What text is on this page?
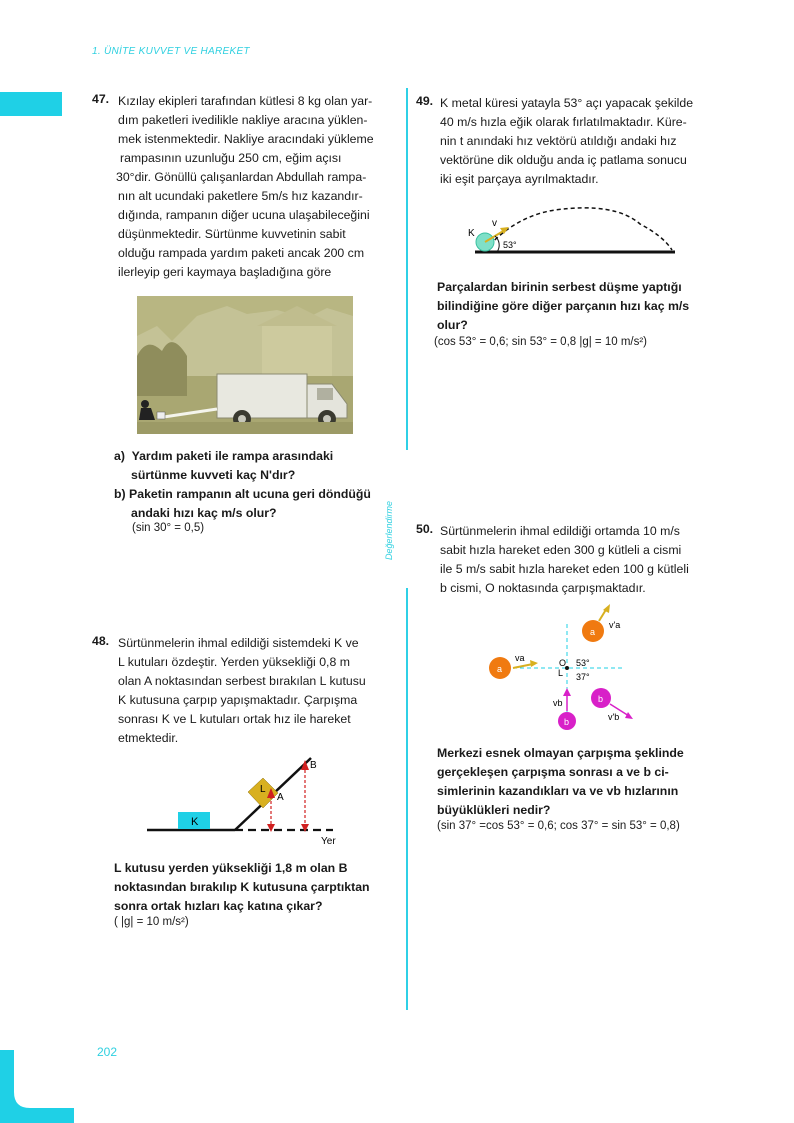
1. ÜNİTE KUVVET VE HAREKET
202
Değerlendirme
47. Kızılay ekipleri tarafından kütlesi 8 kg olan yar-
dım paketleri ivedilikle nakliye aracına yüklen-
mek istenmektedir. Nakliye aracındaki yükleme
rampasının uzunluğu 250 cm, eğim açısı
30°dir. Gönüllü çalışanlardan Abdullah rampa-
nın alt ucundaki paketlere 5m/s hız kazandır-
dığında, rampanın diğer ucuna ulaşabileceğini
düşünmektedir. Sürtünme kuvvetinin sabit
olduğu rampada yardım paketi ancak 200 cm
ilerleyip geri kaymaya başladığına göre
a) Yardım paketi ile rampa arasındaki
sürtünme kuvveti kaç N'dır?
b) Paketin rampanın alt ucuna geri döndüğü
andaki hızı kaç m/s olur?
(sin 30° = 0,5)
48. Sürtünmelerin ihmal edildiği sistemdeki K ve
L kutuları özdeştir. Yerden yüksekliği 0,8 m
olan A noktasından serbest bırakılan L kutusu
K kutusuna çarpıp yapışmaktadır. Çarpışma
sonrası K ve L kutuları ortak hız ile hareket
etmektedir.
K
L
A
B
Yer
L kutusu yerden yüksekliği 1,8 m olan B
noktasından bırakılıp K kutusuna çarptıktan
sonra ortak hızları kaç katına çıkar?
( |g| = 10 m/s²)
49. K metal küresi yatayla 53° açı yapacak şekilde
40 m/s hızla eğik olarak fırlatılmaktadır. Küre-
nin t anındaki hız vektörü atıldığı andaki hız
vektörüne dik olduğu anda iç patlama sonucu
iki eşit parçaya ayrılmaktadır.
K
v
53°
Parçalardan birinin serbest düşme yaptığı
bilindiğine göre diğer parçanın hızı kaç m/s
olur?
(cos 53° = 0,6; sin 53° = 0,8 |g| = 10 m/s²)
50. Sürtünmelerin ihmal edildiği ortamda 10 m/s
sabit hızla hareket eden 300 g kütleli a cismi
ile 5 m/s sabit hızla hareket eden 100 g kütleli
b cismi, O noktasında çarpışmaktadır.
a
va
a
v'a
O
L
53°
37°
b
v'b
b
vb
Merkezi esnek olmayan çarpışma şeklinde
gerçekleşen çarpışma sonrası a ve b ci-
simlerinin kazandıkları va ve vb hızlarının
büyüklükleri nedir?
(sin 37° =cos 53° = 0,6; cos 37° = sin 53° = 0,8)
